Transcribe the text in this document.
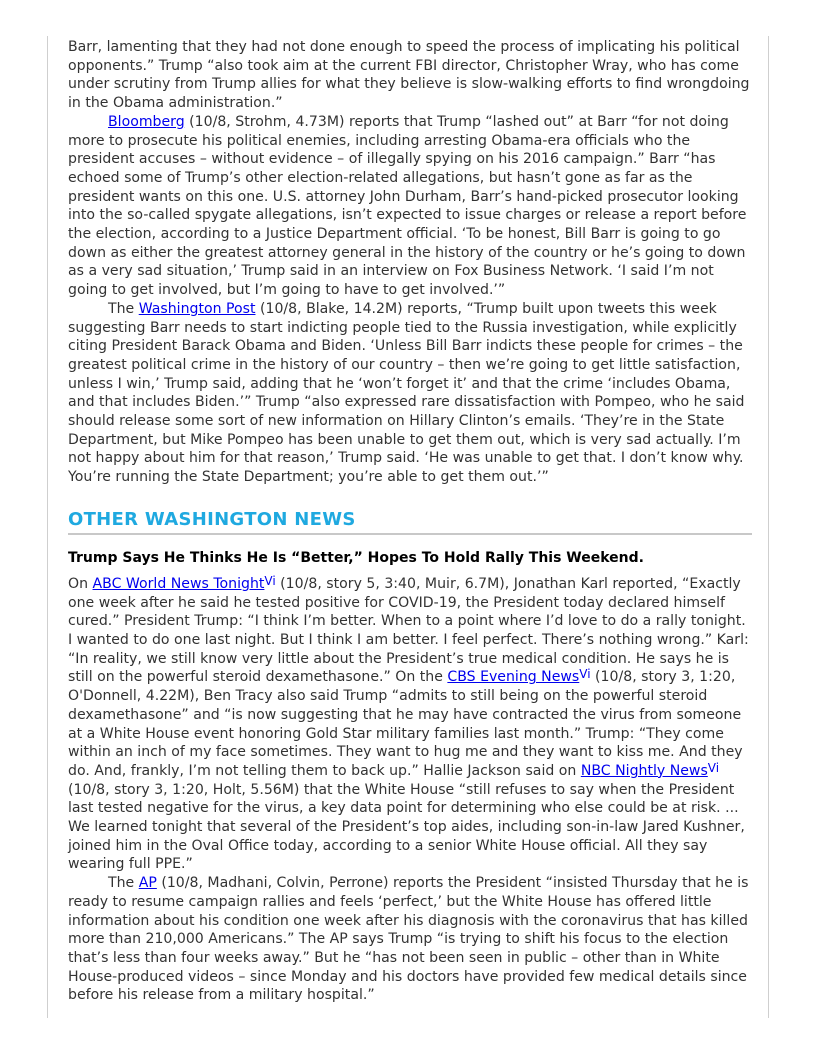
Barr, lamenting that they had not done enough to speed the process of implicating his political opponents.” Trump “also took aim at the current FBI director, Christopher Wray, who has come under scrutiny from Trump allies for what they believe is slow-walking efforts to find wrongdoing in the Obama administration.”

Bloomberg (10/8, Strohm, 4.73M) reports that Trump “lashed out” at Barr “for not doing more to prosecute his political enemies, including arresting Obama-era officials who the president accuses – without evidence – of illegally spying on his 2016 campaign.” Barr “has echoed some of Trump’s other election-related allegations, but hasn’t gone as far as the president wants on this one. U.S. attorney John Durham, Barr’s hand-picked prosecutor looking into the so-called spygate allegations, isn’t expected to issue charges or release a report before the election, according to a Justice Department official. ‘To be honest, Bill Barr is going to go down as either the greatest attorney general in the history of the country or he’s going to down as a very sad situation,’ Trump said in an interview on Fox Business Network. ‘I said I’m not going to get involved, but I’m going to have to get involved.’”

The Washington Post (10/8, Blake, 14.2M) reports, “Trump built upon tweets this week suggesting Barr needs to start indicting people tied to the Russia investigation, while explicitly citing President Barack Obama and Biden. ‘Unless Bill Barr indicts these people for crimes – the greatest political crime in the history of our country – then we’re going to get little satisfaction, unless I win,’ Trump said, adding that he ‘won’t forget it’ and that the crime ‘includes Obama, and that includes Biden.’” Trump “also expressed rare dissatisfaction with Pompeo, who he said should release some sort of new information on Hillary Clinton’s emails. ‘They’re in the State Department, but Mike Pompeo has been unable to get them out, which is very sad actually. I’m not happy about him for that reason,’ Trump said. ‘He was unable to get that. I don’t know why. You’re running the State Department; you’re able to get them out.’”

OTHER WASHINGTON NEWS
Trump Says He Thinks He Is “Better,” Hopes To Hold Rally This Weekend.

On ABC World News Tonight$^{Vi}$ (10/8, story 5, 3:40, Muir, 6.7M), Jonathan Karl reported, “Exactly one week after he said he tested positive for COVID-19, the President today declared himself cured.” President Trump: “I think I’m better. When to a point where I’d love to do a rally tonight. I wanted to do one last night. But I think I am better. I feel perfect. There’s nothing wrong.” Karl: “In reality, we still know very little about the President’s true medical condition. He says he is still on the powerful steroid dexamethasone.” On the CBS Evening News$^{Vi}$ (10/8, story 3, 1:20, O'Donnell, 4.22M), Ben Tracy also said Trump “admits to still being on the powerful steroid dexamethasone” and “is now suggesting that he may have contracted the virus from someone at a White House event honoring Gold Star military families last month.” Trump: “They come within an inch of my face sometimes. They want to hug me and they want to kiss me. And they do. And, frankly, I’m not telling them to back up.” Hallie Jackson said on NBC Nightly News$^{Vi}$ (10/8, story 3, 1:20, Holt, 5.56M) that the White House “still refuses to say when the President last tested negative for the virus, a key data point for determining who else could be at risk. ... We learned tonight that several of the President’s top aides, including son-in-law Jared Kushner, joined him in the Oval Office today, according to a senior White House official. All they say wearing full PPE.”

The AP (10/8, Madhani, Colvin, Perrone) reports the President “insisted Thursday that he is ready to resume campaign rallies and feels ‘perfect,’ but the White House has offered little information about his condition one week after his diagnosis with the coronavirus that has killed more than 210,000 Americans.” The AP says Trump “is trying to shift his focus to the election that’s less than four weeks away.” But he “has not been seen in public – other than in White House-produced videos – since Monday and his doctors have provided few medical details since before his release from a military hospital.”
